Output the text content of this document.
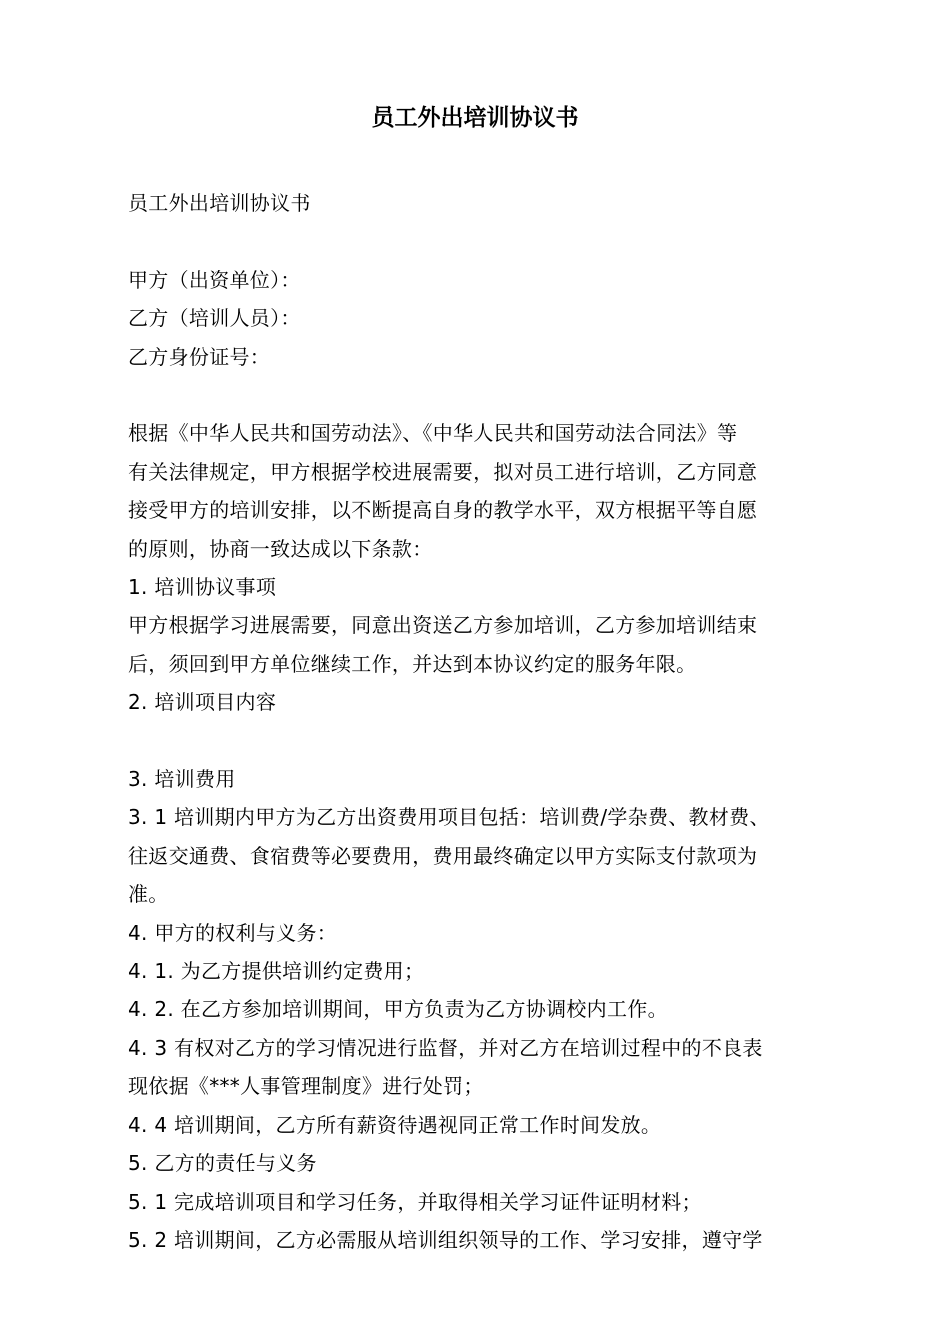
员工外出培训协议书

员工外出培训协议书

甲方（出资单位）：

乙方（培训人员）：

乙方身份证号：

根据《中华人民共和国劳动法》、《中华人民共和国劳动法合同法》等

有关法律规定，甲方根据学校进展需要，拟对员工进行培训，乙方同意

接受甲方的培训安排，以不断提高自身的教学水平，双方根据平等自愿

的原则，协商一致达成以下条款：

1. 培训协议事项

甲方根据学习进展需要，同意出资送乙方参加培训，乙方参加培训结束

后，须回到甲方单位继续工作，并达到本协议约定的服务年限。

2. 培训项目内容

3. 培训费用

3. 1 培训期内甲方为乙方出资费用项目包括：培训费/学杂费、教材费、

往返交通费、食宿费等必要费用，费用最终确定以甲方实际支付款项为

准。

4. 甲方的权利与义务：

4. 1. 为乙方提供培训约定费用；

4. 2. 在乙方参加培训期间，甲方负责为乙方协调校内工作。

4. 3 有权对乙方的学习情况进行监督，并对乙方在培训过程中的不良表

现依据《***人事管理制度》进行处罚；

4. 4 培训期间，乙方所有薪资待遇视同正常工作时间发放。

5. 乙方的责任与义务

5. 1 完成培训项目和学习任务，并取得相关学习证件证明材料；

5. 2 培训期间，乙方必需服从培训组织领导的工作、学习安排，遵守学
